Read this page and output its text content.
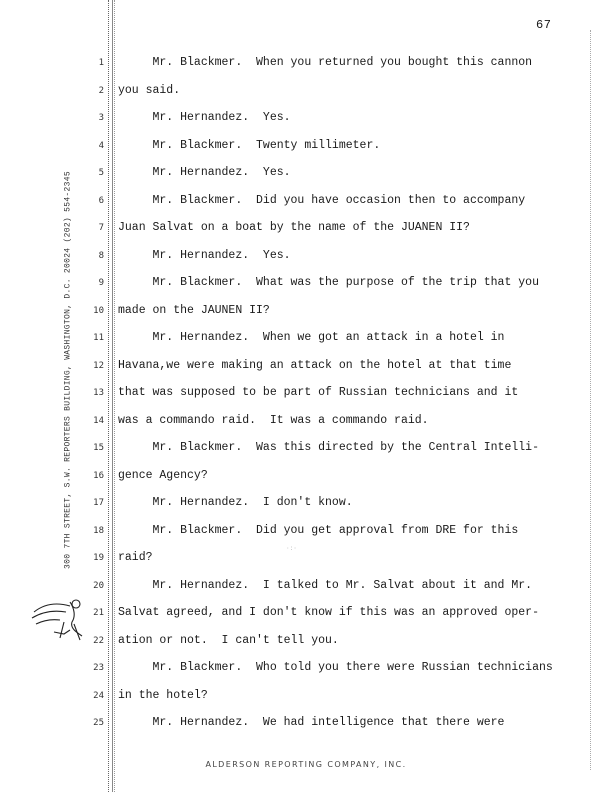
67
300 7TH STREET, S.W. REPORTERS BUILDING, WASHINGTON, D.C. 20024 (202) 554-2345	·:·
1 Mr. Blackmer.  When you returned you bought this cannon
2 you said.
3 Mr. Hernandez.  Yes.
4 Mr. Blackmer.  Twenty millimeter.
5 Mr. Hernandez.  Yes.
6 Mr. Blackmer.  Did you have occasion then to accompany
7 Juan Salvat on a boat by the name of the JUANEN II?
8 Mr. Hernandez.  Yes.
9 Mr. Blackmer.  What was the purpose of the trip that you
10 made on the JAUNEN II?
11 Mr. Hernandez.  When we got an attack in a hotel in
12 Havana,we were making an attack on the hotel at that time
13 that was supposed to be part of Russian technicians and it
14 was a commando raid.  It was a commando raid.
15 Mr. Blackmer.  Was this directed by the Central Intelli-
16 gence Agency?
17 Mr. Hernandez.  I don't know.
18 Mr. Blackmer.  Did you get approval from DRE for this
19 raid?
20 Mr. Hernandez.  I talked to Mr. Salvat about it and Mr.
21 Salvat agreed, and I don't know if this was an approved oper-
22 ation or not.  I can't tell you.
23 Mr. Blackmer.  Who told you there were Russian technicians
24 in the hotel?
25 Mr. Hernandez.  We had intelligence that there were
ALDERSON REPORTING COMPANY, INC.
